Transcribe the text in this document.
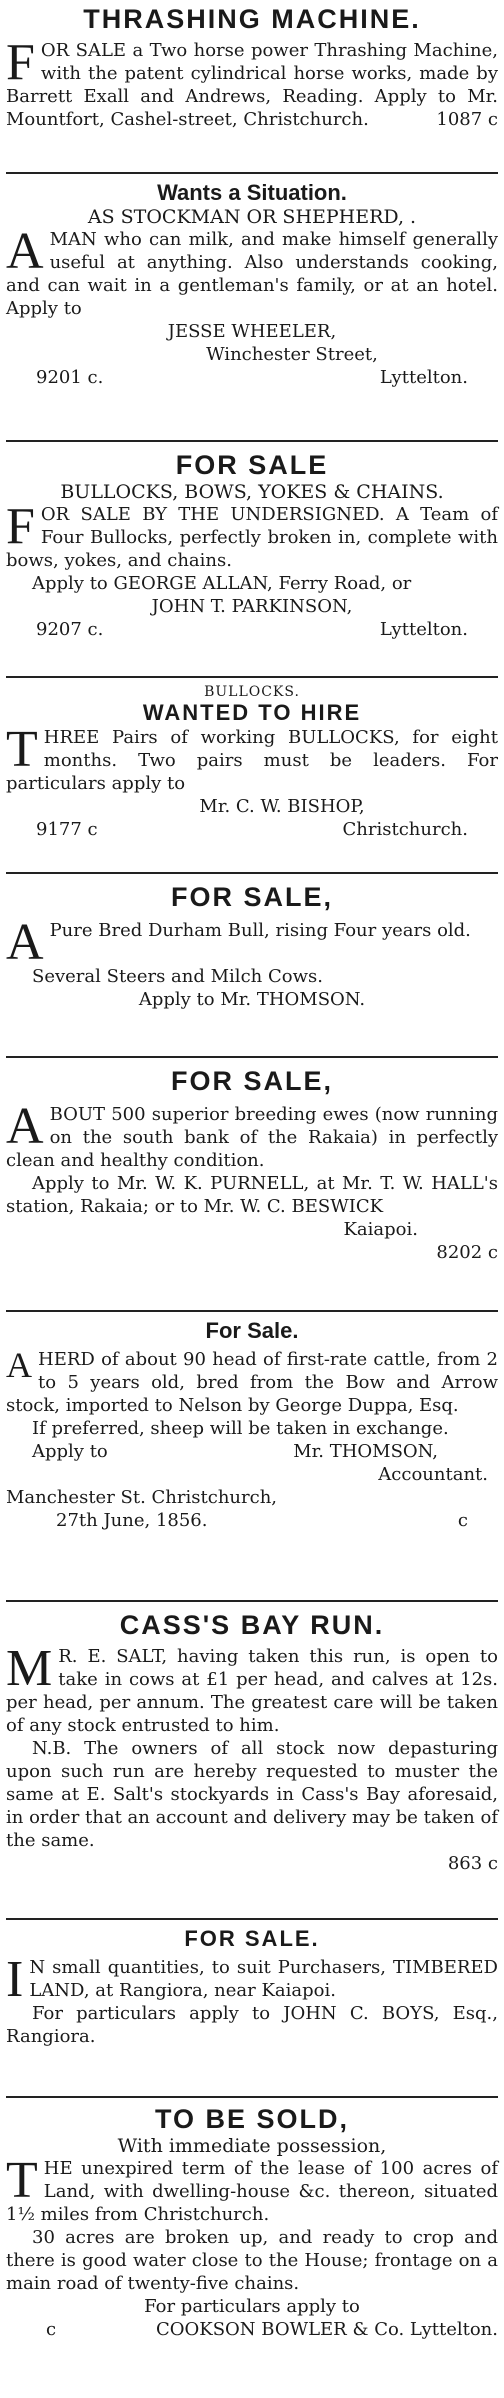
THRASHING MACHINE.
FOR SALE a Two horse power Thrashing Machine, with the patent cylindrical horse works, made by Barrett Exall and Andrews, Reading. Apply to Mr. Mountfort, Cashel-street, Christchurch.	1087 c
Wants a Situation.
AS STOCKMAN OR SHEPHERD, .
AMAN who can milk, and make himself generally useful at anything. Also understands cooking, and can wait in a gentleman's family, or at an hotel. Apply to
JESSE WHEELER,
Winchester Street,
9201 c.	Lyttelton.
FOR SALE
BULLOCKS, BOWS, YOKES & CHAINS.
FOR SALE BY THE UNDERSIGNED. A Team of Four Bullocks, perfectly broken in, complete with bows, yokes, and chains.
Apply to GEORGE ALLAN, Ferry Road, or
JOHN T. PARKINSON,
9207 c.	Lyttelton.
BULLOCKS.
WANTED TO HIRE
THREE Pairs of working BULLOCKS, for eight months. Two pairs must be leaders. For particulars apply to
Mr. C. W. BISHOP,
9177 c	Christchurch.
FOR SALE,
A Pure Bred Durham Bull, rising Four years old.
Several Steers and Milch Cows.
Apply to Mr. THOMSON.
FOR SALE,
ABOUT 500 superior breeding ewes (now running on the south bank of the Rakaia) in perfectly clean and healthy condition.
Apply to Mr. W. K. PURNELL, at Mr. T. W. HALL's station, Rakaia; or to Mr. W. C. BESWICK
Kaiapoi.
8202 c
For Sale.
AHERD of about 90 head of first-rate cattle, from 2 to 5 years old, bred from the Bow and Arrow stock, imported to Nelson by George Duppa, Esq.
If preferred, sheep will be taken in exchange.
Apply to	Mr. THOMSON,
Accountant.
Manchester St. Christchurch,
27th June, 1856.	c
CASS'S BAY RUN.
M R. E. SALT, having taken this run, is open to take in cows at £1 per head, and calves at 12s. per head, per annum. The greatest care will be taken of any stock entrusted to him.
N.B. The owners of all stock now depasturing upon such run are hereby requested to muster the same at E. Salt's stockyards in Cass's Bay aforesaid, in order that an account and delivery may be taken of the same.
863 c
FOR SALE.
I N small quantities, to suit Purchasers, TIMBERED LAND, at Rangiora, near Kaiapoi.
For particulars apply to JOHN C. BOYS, Esq., Rangiora.
TO BE SOLD,
With immediate possession,
THE unexpired term of the lease of 100 acres of Land, with dwelling-house &c. thereon, situated 1½ miles from Christchurch.
30 acres are broken up, and ready to crop and there is good water close to the House; frontage on a main road of twenty-five chains.
For particulars apply to
c	COOKSON BOWLER & Co. Lyttelton.
